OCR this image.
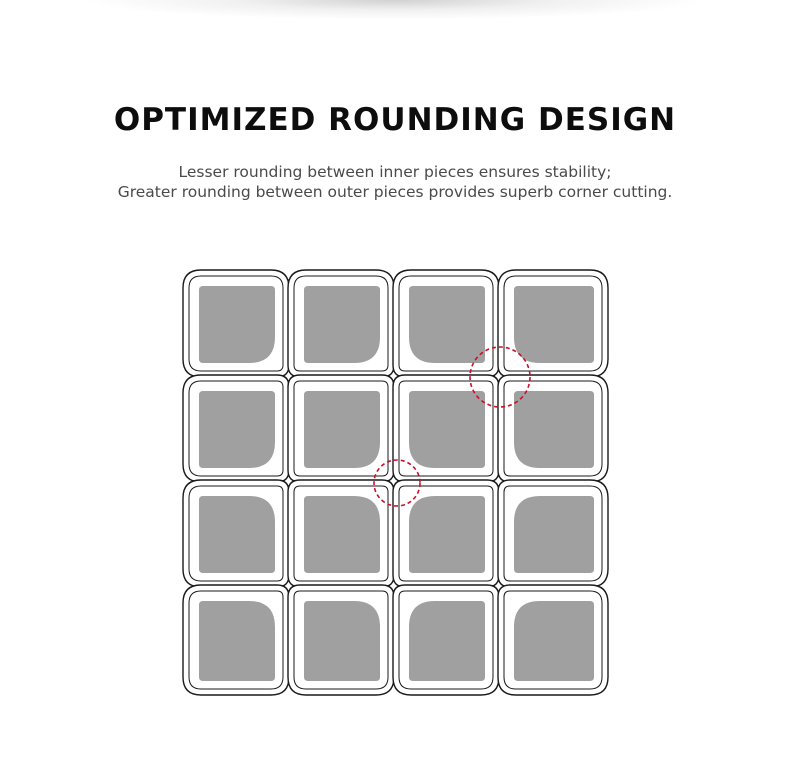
OPTIMIZED ROUNDING DESIGN
Lesser rounding between inner pieces ensures stability;
Greater rounding between outer pieces provides superb corner cutting.
